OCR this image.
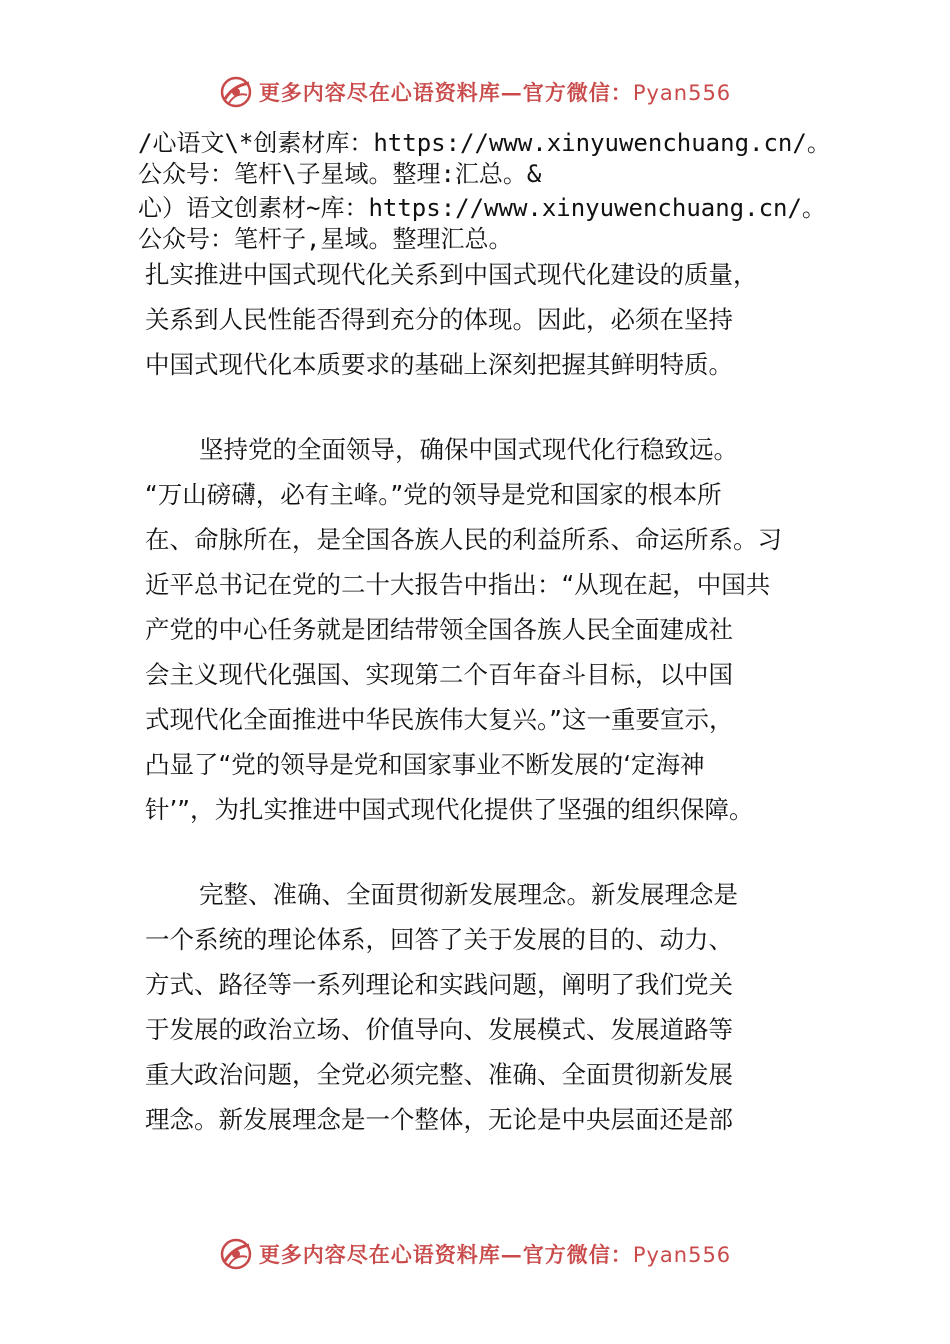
更多内容尽在心语资料库—官方微信：Pyan556
/心语文\*创素材库：https://www.xinyuwenchuang.cn/。
公众号：笔杆\子星域。整理:汇总。&
心）语文创素材~库：https://www.xinyuwenchuang.cn/。
公众号：笔杆子,星域。整理汇总。

扎实推进中国式现代化关系到中国式现代化建设的质量，
关系到人民性能否得到充分的体现。因此，必须在坚持
中国式现代化本质要求的基础上深刻把握其鲜明特质。

坚持党的全面领导，确保中国式现代化行稳致远。
“万山磅礴，必有主峰。”党的领导是党和国家的根本所
在、命脉所在，是全国各族人民的利益所系、命运所系。习
近平总书记在党的二十大报告中指出：“从现在起，中国共
产党的中心任务就是团结带领全国各族人民全面建成社
会主义现代化强国、实现第二个百年奋斗目标，以中国
式现代化全面推进中华民族伟大复兴。”这一重要宣示，
凸显了“党的领导是党和国家事业不断发展的‘定海神
针’”，为扎实推进中国式现代化提供了坚强的组织保障。

完整、准确、全面贯彻新发展理念。新发展理念是
一个系统的理论体系，回答了关于发展的目的、动力、
方式、路径等一系列理论和实践问题，阐明了我们党关
于发展的政治立场、价值导向、发展模式、发展道路等
重大政治问题，全党必须完整、准确、全面贯彻新发展
理念。新发展理念是一个整体，无论是中央层面还是部

更多内容尽在心语资料库—官方微信：Pyan556
